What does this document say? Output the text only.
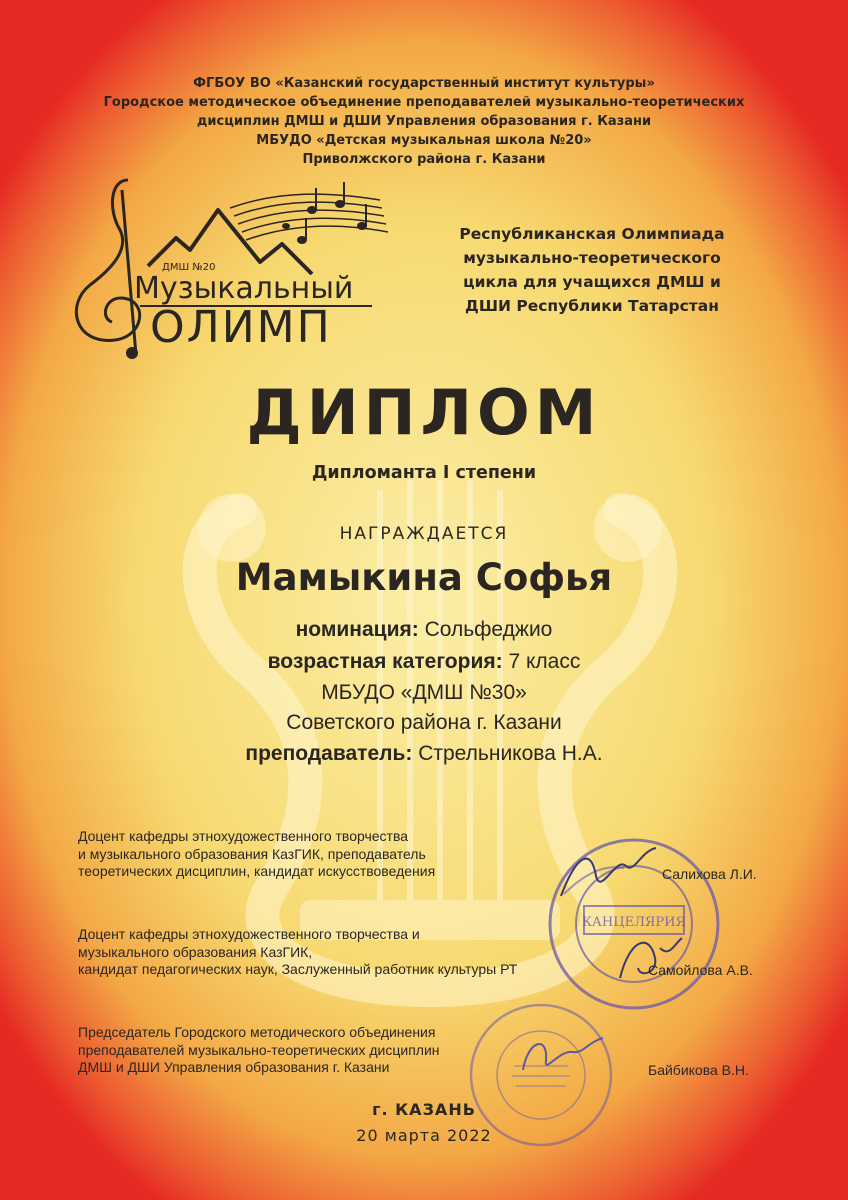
ФГБОУ ВО «Казанский государственный институт культуры»
Городское методическое объединение преподавателей музыкально-теоретических
дисциплин ДМШ и ДШИ Управления образования г. Казани
МБУДО «Детская музыкальная школа №20»
Приволжского района г. Казани
ДМШ №20
Музыкальный
ОЛИМП
Республиканская Олимпиада
музыкально-теоретического
цикла для учащихся ДМШ и
ДШИ Республики Татарстан
ДИПЛОМ
Дипломанта I степени
НАГРАЖДАЕТСЯ
Мамыкина Софья
номинация: Сольфеджио
возрастная категория: 7 класс
МБУДО «ДМШ №30»
Советского района г. Казани
преподаватель: Стрельникова Н.А.
КАНЦЕЛЯРИЯ
Доцент кафедры этнохудожественного творчества
и музыкального образования КазГИК, преподаватель
теоретических дисциплин, кандидат искусствоведения	Салихова Л.И.
Доцент кафедры этнохудожественного творчества и
музыкального образования КазГИК,
кандидат педагогических наук, Заслуженный работник культуры РТ	Самойлова А.В.
Председатель Городского методического объединения
преподавателей музыкально-теоретических дисциплин
ДМШ и ДШИ Управления образования г. Казани	Байбикова В.Н.
г. КАЗАНЬ
20 марта 2022
